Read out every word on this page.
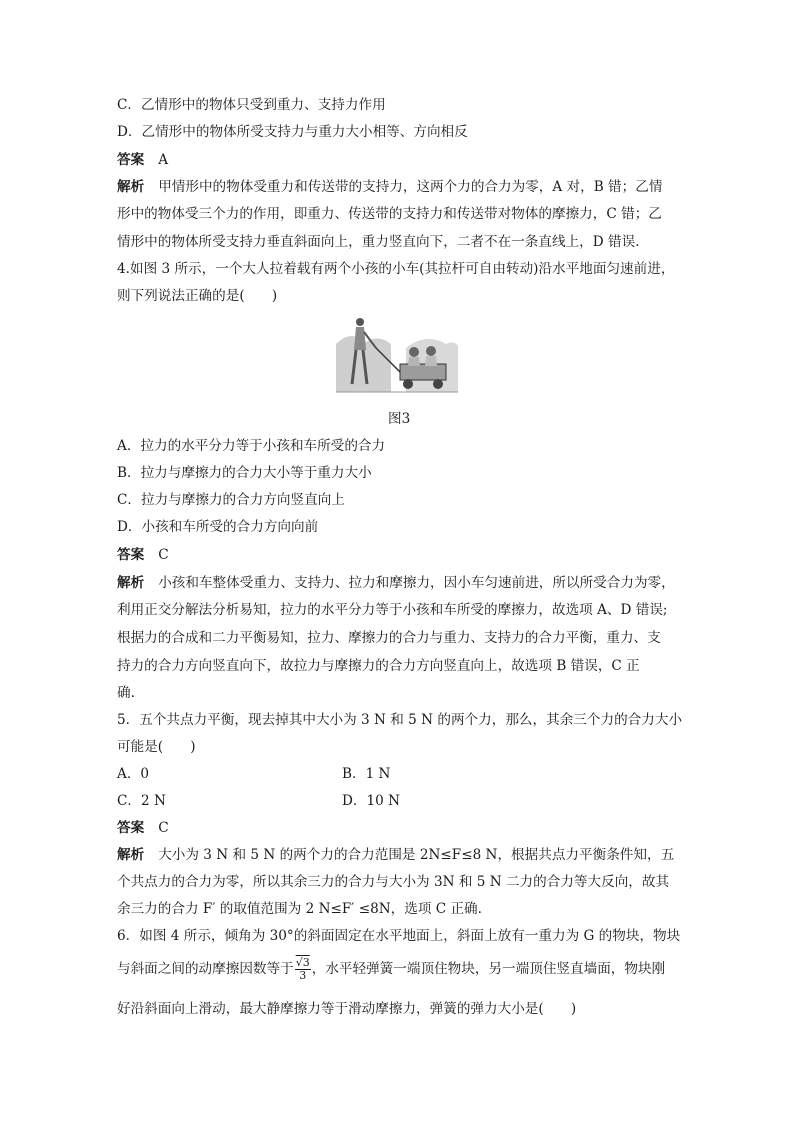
C．乙情形中的物体只受到重力、支持力作用
D．乙情形中的物体所受支持力与重力大小相等、方向相反
答案 A
解析 甲情形中的物体受重力和传送带的支持力，这两个力的合力为零，A 对，B 错；乙情
形中的物体受三个力的作用，即重力、传送带的支持力和传送带对物体的摩擦力，C 错；乙
情形中的物体所受支持力垂直斜面向上，重力竖直向下，二者不在一条直线上，D 错误.
4.如图 3 所示，一个大人拉着载有两个小孩的小车(其拉杆可自由转动)沿水平地面匀速前进，
则下列说法正确的是(　　)
图3
A．拉力的水平分力等于小孩和车所受的合力
B．拉力与摩擦力的合力大小等于重力大小
C．拉力与摩擦力的合力方向竖直向上
D．小孩和车所受的合力方向向前
答案 C
解析 小孩和车整体受重力、支持力、拉力和摩擦力，因小车匀速前进，所以所受合力为零，
利用正交分解法分析易知，拉力的水平分力等于小孩和车所受的摩擦力，故选项 A、D 错误;
根据力的合成和二力平衡易知，拉力、摩擦力的合力与重力、支持力的合力平衡，重力、支
持力的合力方向竖直向下，故拉力与摩擦力的合力方向竖直向上，故选项 B 错误，C 正
确.
5．五个共点力平衡，现去掉其中大小为 3 N 和 5 N 的两个力，那么，其余三个力的合力大小
可能是(　　)
A．0	B．1 N
C．2 N	D．10 N
答案 C
解析 大小为 3 N 和 5 N 的两个力的合力范围是 2N≤F≤8 N，根据共点力平衡条件知，五
个共点力的合力为零，所以其余三力的合力与大小为 3N 和 5 N 二力的合力等大反向，故其
余三力的合力 F′ 的取值范围为 2 N≤F′ ≤8N，选项 C 正确.
6．如图 4 所示，倾角为 30°的斜面固定在水平地面上，斜面上放有一重力为 G 的物块，物块
与斜面之间的动摩擦因数等于 $\frac{√3}{3}$ ，水平轻弹簧一端顶住物块，另一端顶住竖直墙面，物块刚
好沿斜面向上滑动，最大静摩擦力等于滑动摩擦力，弹簧的弹力大小是(　　)
